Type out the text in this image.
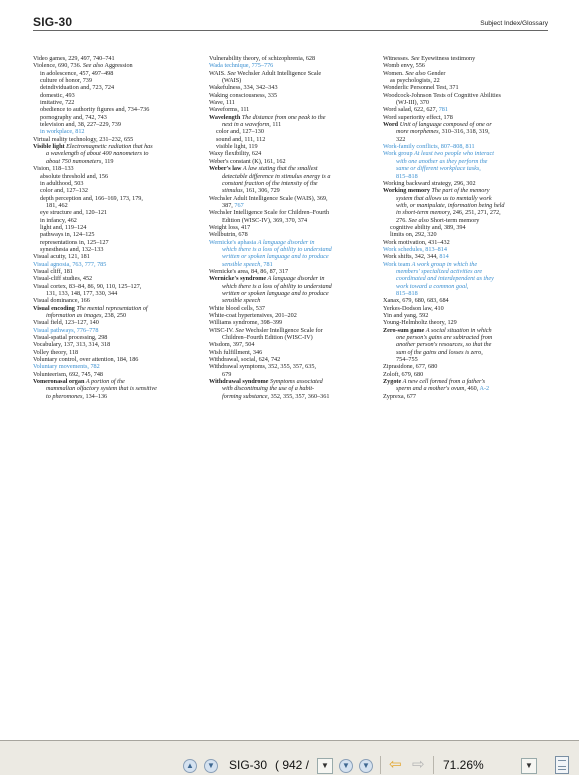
SIG-30	Subject Index/Glossary
Video games, 229, 497, 740–741
Violence, 690, 736. See also Aggression
in adolescence, 457, 497–498
culture of honor, 739
deindividuation and, 723, 724
domestic, 493
imitative, 722
obedience to authority figures and, 734–736
pornography and, 742, 743
television and, 38, 227–229, 739
in workplace, 812
Virtual reality technology, 231–232, 655
Visible light Electromagnetic radiation that has
a wavelength of about 400 nanometers to
about 750 nanometers, 119
Vision, 118–133
absolute threshold and, 156
in adulthood, 503
color and, 127–132
depth perception and, 166–169, 173, 179,
181, 462
eye structure and, 120–121
in infancy, 462
light and, 119–124
pathways in, 124–125
representations in, 125–127
synesthesia and, 132–133
Visual acuity, 121, 181
Visual agnosia, 763, 777, 785
Visual cliff, 181
Visual-cliff studies, 452
Visual cortex, 83–84, 86, 90, 110, 125–127,
131, 133, 148, 177, 330, 344
Visual dominance, 166
Visual encoding The mental representation of
information as images, 238, 250
Visual field, 123–127, 140
Visual pathways, 776–778
Visual-spatial processing, 298
Vocabulary, 137, 313, 314, 318
Volley theory, 118
Voluntary control, over attention, 184, 186
Voluntary movements, 782
Volunteerism, 692, 745, 748
Vomeronasal organ A portion of the
mammalian olfactory system that is sensitive
to pheromones, 134–136
Vulnerability theory, of schizophrenia, 628
Wada technique, 775–776
WAIS. See Wechsler Adult Intelligence Scale
(WAIS)
Wakefulness, 334, 342–343
Waking consciousness, 335
Wave, 111
Waveforms, 111
Wavelength The distance from one peak to the
next in a waveform, 111
color and, 127–130
sound and, 111, 112
visible light, 119
Waxy flexibility, 624
Weber's constant (K), 161, 162
Weber's law A law stating that the smallest
detectable difference in stimulus energy is a
constant fraction of the intensity of the
stimulus, 161, 306, 729
Wechsler Adult Intelligence Scale (WAIS), 369,
387, 767
Wechsler Intelligence Scale for Children–Fourth
Edition (WISC-IV), 369, 370, 374
Weight loss, 417
Wellbutrin, 678
Wernicke's aphasia A language disorder in
which there is a loss of ability to understand
written or spoken language and to produce
sensible speech, 781
Wernicke's area, 84, 86, 87, 317
Wernicke's syndrome A language disorder in
which there is a loss of ability to understand
written or spoken language and to produce
sensible speech
White blood cells, 537
White-coat hypertensives, 201–202
Williams syndrome, 398–399
WISC-IV. See Wechsler Intelligence Scale for
Children–Fourth Edition (WISC-IV)
Wisdom, 397, 504
Wish fulfillment, 346
Withdrawal, social, 624, 742
Withdrawal symptoms, 352, 355, 357, 635,
679
Withdrawal syndrome Symptoms associated
with discontinuing the use of a habit-
forming substance, 352, 355, 357, 360–361
Witnesses. See Eyewitness testimony
Womb envy, 556
Women. See also Gender
as psychologists, 22
Wonderlic Personnel Test, 371
Woodcock-Johnson Tests of Cognitive Abilities
(WJ-III), 370
Word salad, 622, 627, 781
Word superiority effect, 178
Word Unit of language composed of one or
more morphemes, 310–316, 318, 319,
322
Work-family conflicts, 807–808, 811
Work group At least two people who interact
with one another as they perform the
same or different workplace tasks,
815–818
Working backward strategy, 296, 302
Working memory The part of the memory
system that allows us to mentally work
with, or manipulate, information being held
in short-term memory, 246, 251, 271, 272,
276. See also Short-term memory
cognitive ability and, 389, 394
limits on, 292, 320
Work motivation, 431–432
Work schedules, 813–814
Work shifts, 342, 344, 814
Work team A work group in which the
members' specialized activities are
coordinated and interdependent as they
work toward a common goal,
815–818
Xanax, 679, 680, 683, 684
Yerkes-Dodson law, 410
Yin and yang, 592
Young-Helmholtz theory, 129
Zero-sum game A social situation in which
one person's gains are subtracted from
another person's resources, so that the
sum of the gains and losses is zero,
754–755
Ziprasidone, 677, 680
Zoloft, 679, 680
Zygote A new cell formed from a father's
sperm and a mother's ovum, 460, A-2
Zyprexa, 677
▲	▼ SIG-30 ( 942 /	▼	▼	▼ ⇦ ⇨ 71.26%	▼
